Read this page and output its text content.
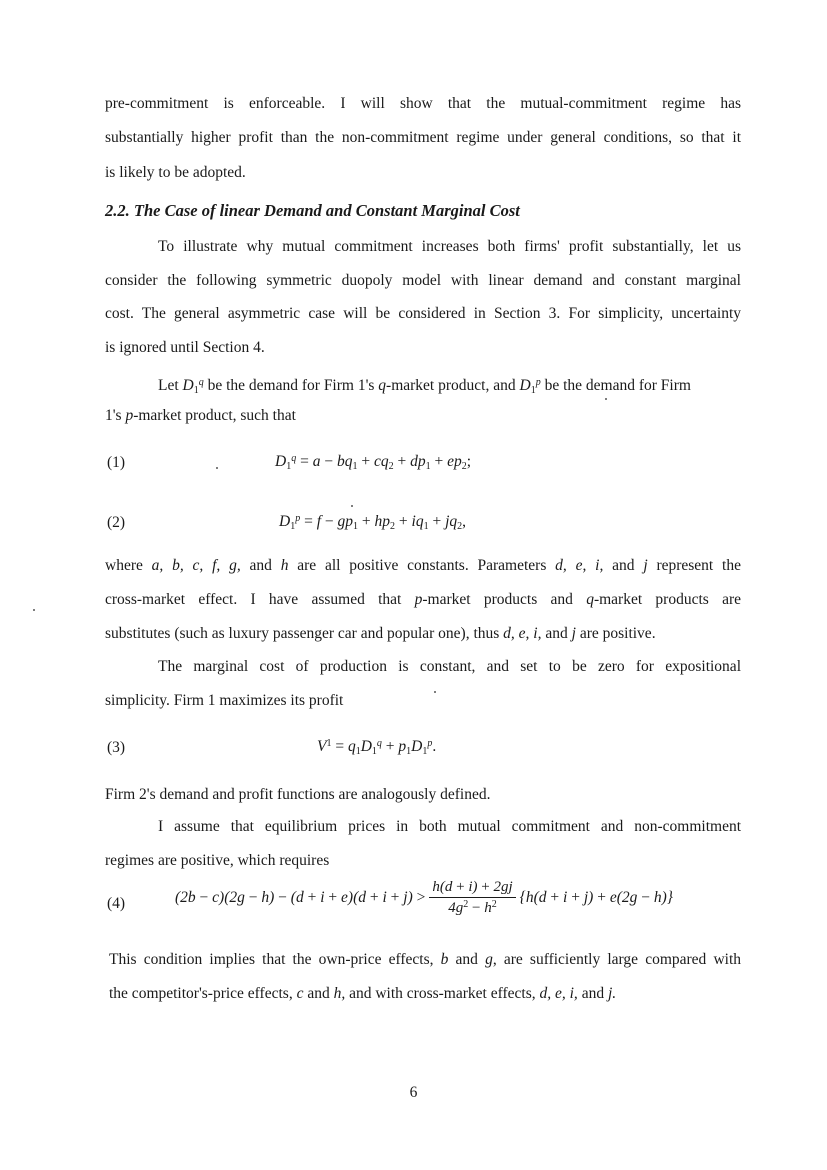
pre-commitment is enforceable. I will show that the mutual-commitment regime has
substantially higher profit than the non-commitment regime under general conditions, so that it
is likely to be adopted.
2.2. The Case of linear Demand and Constant Marginal Cost
To illustrate why mutual commitment increases both firms' profit substantially, let us
consider the following symmetric duopoly model with linear demand and constant marginal
cost. The general asymmetric case will be considered in Section 3. For simplicity, uncertainty
is ignored until Section 4.
Let $D_1^q$ be the demand for Firm 1's q-market product, and $D_1^p$ be the demand for Firm
1's p-market product, such that
(1)	$D_1^q = a - bq_1 + cq_2 + dp_1 + ep_2$;
(2)	$D_1^p = f - gp_1 + hp_2 + iq_1 + jq_2$,
where a, b, c, f, g, and h are all positive constants. Parameters d, e, i, and j represent the
cross-market effect. I have assumed that p-market products and q-market products are
substitutes (such as luxury passenger car and popular one), thus d, e, i, and j are positive.
The marginal cost of production is constant, and set to be zero for expositional
simplicity. Firm 1 maximizes its profit
(3)	$V^1 = q_1D_1^q + p_1D_1^p$.
Firm 2's demand and profit functions are analogously defined.
I assume that equilibrium prices in both mutual commitment and non-commitment
regimes are positive, which requires
(4)	$(2b - c)(2g - h) - (d + i + e)(d + i + j) > \frac{h(d + i) + 2gj}{4g^2 - h^2} \{h(d + i + j) + e(2g - h)\}$
This condition implies that the own-price effects, b and g, are sufficiently large compared with
the competitor's-price effects, c and h, and with cross-market effects, d, e, i, and j.
6
